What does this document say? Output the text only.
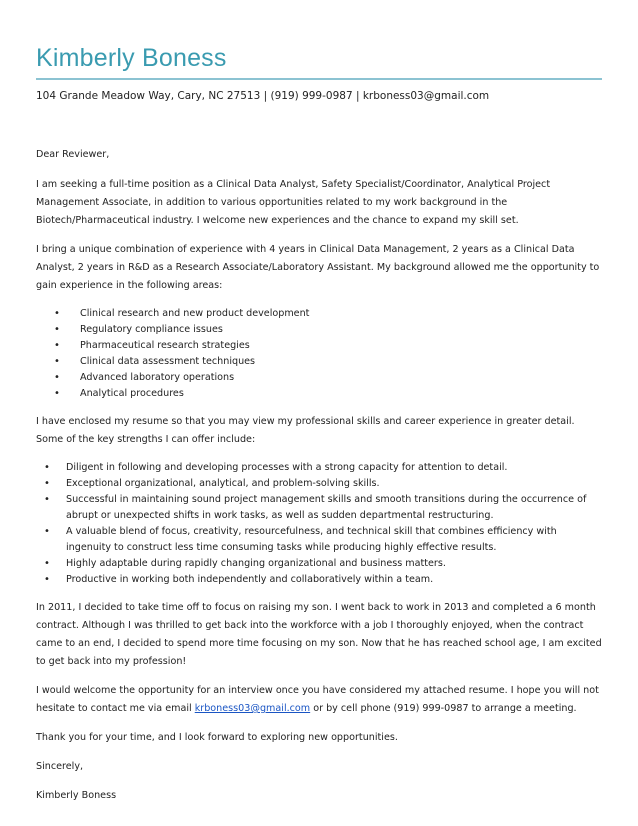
Kimberly Boness
104 Grande Meadow Way, Cary, NC 27513 | (919) 999-0987 | krboness03@gmail.com

Dear Reviewer,

I am seeking a full-time position as a Clinical Data Analyst, Safety Specialist/Coordinator, Analytical Project Management Associate, in addition to various opportunities related to my work background in the Biotech/Pharmaceutical industry. I welcome new experiences and the chance to expand my skill set.

I bring a unique combination of experience with 4 years in Clinical Data Management, 2 years as a Clinical Data Analyst, 2 years in R&D as a Research Associate/Laboratory Assistant. My background allowed me the opportunity to gain experience in the following areas:

• Clinical research and new product development
• Regulatory compliance issues
• Pharmaceutical research strategies
• Clinical data assessment techniques
• Advanced laboratory operations
• Analytical procedures

I have enclosed my resume so that you may view my professional skills and career experience in greater detail. Some of the key strengths I can offer include:

• Diligent in following and developing processes with a strong capacity for attention to detail.
• Exceptional organizational, analytical, and problem-solving skills.
• Successful in maintaining sound project management skills and smooth transitions during the occurrence of abrupt or unexpected shifts in work tasks, as well as sudden departmental restructuring.
• A valuable blend of focus, creativity, resourcefulness, and technical skill that combines efficiency with ingenuity to construct less time consuming tasks while producing highly effective results.
• Highly adaptable during rapidly changing organizational and business matters.
• Productive in working both independently and collaboratively within a team.

In 2011, I decided to take time off to focus on raising my son. I went back to work in 2013 and completed a 6 month contract. Although I was thrilled to get back into the workforce with a job I thoroughly enjoyed, when the contract came to an end, I decided to spend more time focusing on my son. Now that he has reached school age, I am excited to get back into my profession!

I would welcome the opportunity for an interview once you have considered my attached resume. I hope you will not hesitate to contact me via email krboness03@gmail.com or by cell phone (919) 999-0987 to arrange a meeting.

Thank you for your time, and I look forward to exploring new opportunities.

Sincerely,

Kimberly Boness
